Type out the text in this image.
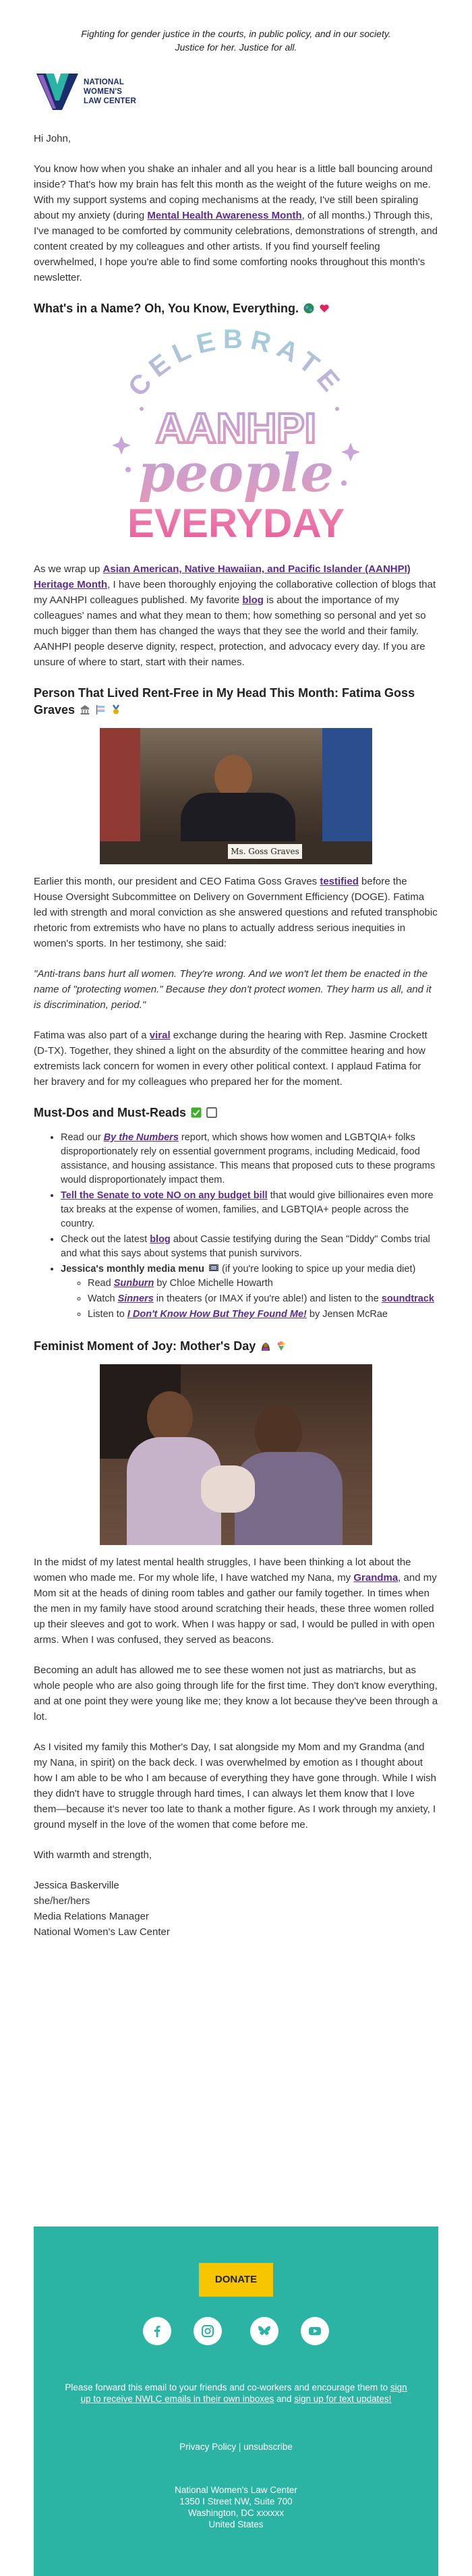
Fighting for gender justice in the courts, in public policy, and in our society.
Justice for her. Justice for all.
NATIONAL
WOMEN'S
LAW CENTER

Hi John,

You know how when you shake an inhaler and all you hear is a little ball bouncing around inside? That's how my brain has felt this month as the weight of the future weighs on me. With my support systems and coping mechanisms at the ready, I've still been spiraling about my anxiety (during Mental Health Awareness Month, of all months.) Through this, I've managed to be comforted by community celebrations, demonstrations of strength, and content created by my colleagues and other artists. If you find yourself feeling overwhelmed, I hope you're able to find some comforting nooks throughout this month's newsletter.

What's in a Name? Oh, You Know, Everything.
CELEBRATE
AANHPI
people
EVERYDAY

As we wrap up Asian American, Native Hawaiian, and Pacific Islander (AANHPI) Heritage Month, I have been thoroughly enjoying the collaborative collection of blogs that my AANHPI colleagues published. My favorite blog is about the importance of my colleagues' names and what they mean to them; how something so personal and yet so much bigger than them has changed the ways that they see the world and their family. AANHPI people deserve dignity, respect, protection, and advocacy every day. If you are unsure of where to start, start with their names.

Person That Lived Rent-Free in My Head This Month: Fatima Goss Graves
Ms. Goss Graves

Earlier this month, our president and CEO Fatima Goss Graves testified before the House Oversight Subcommittee on Delivery on Government Efficiency (DOGE). Fatima led with strength and moral conviction as she answered questions and refuted transphobic rhetoric from extremists who have no plans to actually address serious inequities in women's sports. In her testimony, she said:

"Anti-trans bans hurt all women. They're wrong. And we won't let them be enacted in the name of "protecting women." Because they don't protect women. They harm us all, and it is discrimination, period."

Fatima was also part of a viral exchange during the hearing with Rep. Jasmine Crockett (D-TX). Together, they shined a light on the absurdity of the committee hearing and how extremists lack concern for women in every other political context. I applaud Fatima for her bravery and for my colleagues who prepared her for the moment.

Must-Dos and Must-Reads
• Read our By the Numbers report, which shows how women and LGBTQIA+ folks disproportionately rely on essential government programs, including Medicaid, food assistance, and housing assistance. This means that proposed cuts to these programs would disproportionately impact them.
• Tell the Senate to vote NO on any budget bill that would give billionaires even more tax breaks at the expense of women, families, and LGBTQIA+ people across the country.
• Check out the latest blog about Cassie testifying during the Sean "Diddy" Combs trial and what this says about systems that punish survivors.
• Jessica's monthly media menu  (if you're looking to spice up your media diet)
◦ Read Sunburn by Chloe Michelle Howarth
◦ Watch Sinners in theaters (or IMAX if you're able!) and listen to the soundtrack
◦ Listen to I Don't Know How But They Found Me! by Jensen McRae
Feminist Moment of Joy: Mother's Day

In the midst of my latest mental health struggles, I have been thinking a lot about the women who made me. For my whole life, I have watched my Nana, my Grandma, and my Mom sit at the heads of dining room tables and gather our family together. In times when the men in my family have stood around scratching their heads, these three women rolled up their sleeves and got to work. When I was happy or sad, I would be pulled in with open arms. When I was confused, they served as beacons.

Becoming an adult has allowed me to see these women not just as matriarchs, but as whole people who are also going through life for the first time. They don't know everything, and at one point they were young like me; they know a lot because they've been through a lot.

As I visited my family this Mother's Day, I sat alongside my Mom and my Grandma (and my Nana, in spirit) on the back deck. I was overwhelmed by emotion as I thought about how I am able to be who I am because of everything they have gone through. While I wish they didn't have to struggle through hard times, I can always let them know that I love them—because it's never too late to thank a mother figure. As I work through my anxiety, I ground myself in the love of the women that come before me.

With warmth and strength,

Jessica Baskerville

she/her/hers

Media Relations Manager

National Women's Law Center

DONATE
Please forward this email to your friends and co-workers and encourage them to sign up to receive NWLC emails in their own inboxes and sign up for text updates!
Privacy Policy | unsubscribe
National Women's Law Center
1350 I Street NW, Suite 700
Washington, DC xxxxxx
United States
